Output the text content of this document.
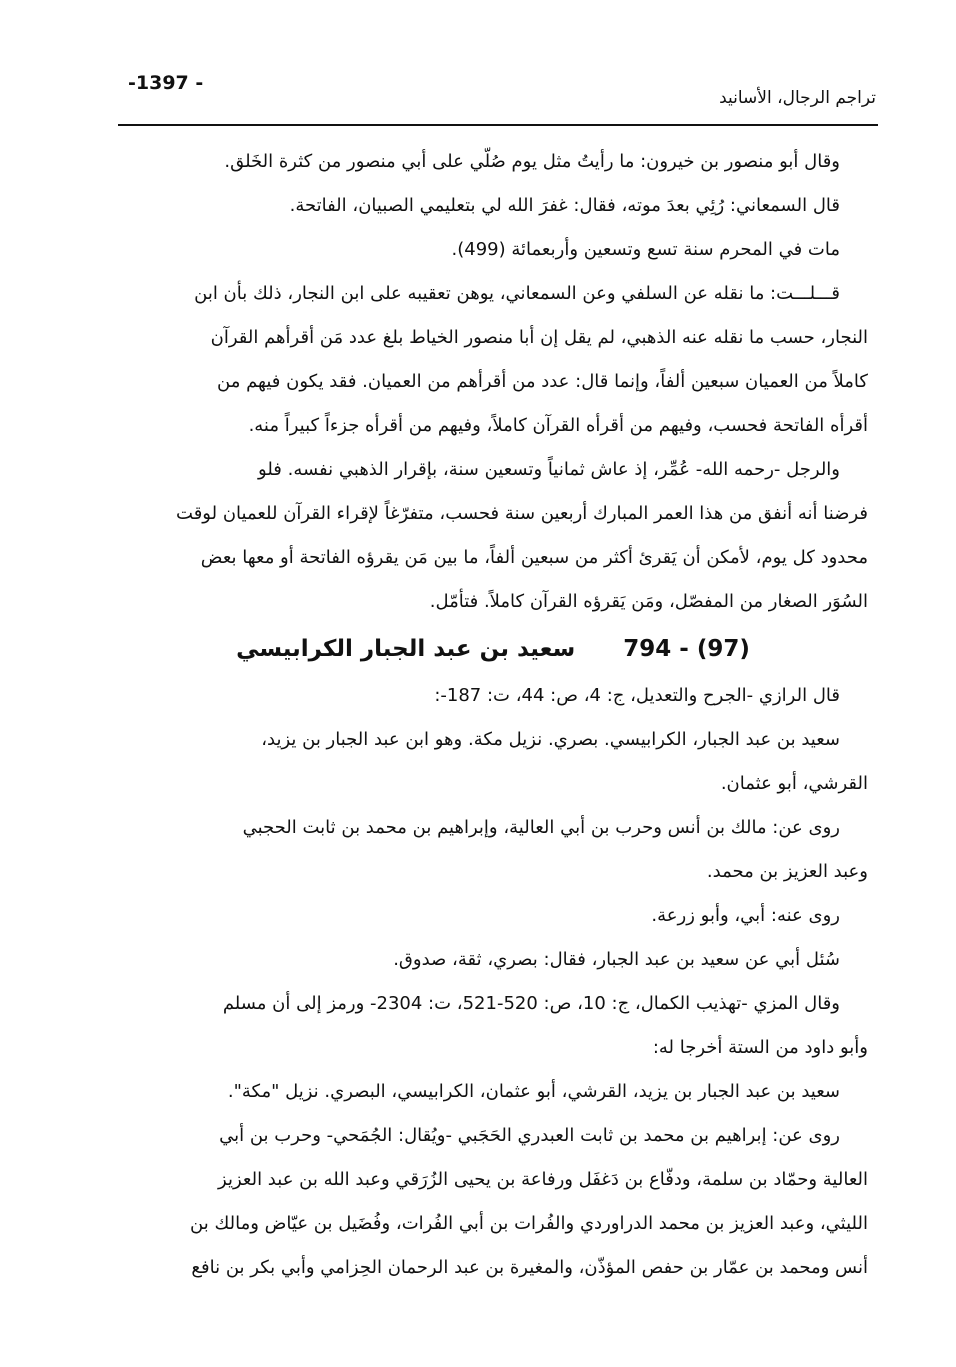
-1397 -
تراجم الرجال، الأسانيد
وقال أبو منصور بن خيرون: ما رأيتُ مثل يوم صُلّي على أبي منصور من كثرة الخَلق.
قال السمعاني: رُئِي بعدَ موته، فقال: غفرَ الله لي بتعليمي الصبيان، الفاتحة.
مات في المحرم سنة تسع وتسعين وأربعمائة (499).
قـــلـــت: ما نقله عن السلفي وعن السمعاني، يوهن تعقيبه على ابن النجار، ذلك بأن ابن
النجار، حسب ما نقله عنه الذهبي، لم يقل إن أبا منصور الخياط بلغ عدد مَن أقرأهم القرآن
كاملاً من العميان سبعين ألفاً، وإنما قال: عدد من أقرأهم من العميان. فقد يكون فيهم من
أقرأه الفاتحة فحسب، وفيهم من أقرأه القرآن كاملاً، وفيهم من أقرأه جزءاً كبيراً منه.
والرجل -رحمه الله- عُمِّر، إذ عاش ثمانياً وتسعين سنة، بإقرار الذهبي نفسه. فلو
فرضنا أنه أنفق من هذا العمر المبارك أربعين سنة فحسب، متفرّغاً لإقراء القرآن للعميان لوقت
محدود كل يوم، لأمكن أن يَقرئ أكثر من سبعين ألفاً، ما بين مَن يقرؤه الفاتحة أو معها بعض
السُوَر الصغار من المفصّل، ومَن يَقرؤه القرآن كاملاً. فتأمّل.
794 - (97) سعيد بن عبد الجبار الكرابيسي
قال الرازي -الجرح والتعديل، ج: 4، ص: 44، ت: 187-:
سعيد بن عبد الجبار، الكرابيسي. بصري. نزيل مكة. وهو ابن عبد الجبار بن يزيد،
القرشي، أبو عثمان.
روى عن: مالك بن أنس وحرب بن أبي العالية، وإبراهيم بن محمد بن ثابت الحجبي
وعبد العزيز بن محمد.
روى عنه: أبي، وأبو زرعة.
سُئل أبي عن سعيد بن عبد الجبار، فقال: بصري، ثقة، صدوق.
وقال المزي -تهذيب الكمال، ج: 10، ص: 520-521، ت: 2304- ورمز إلى أن مسلم
وأبو داود من الستة أخرجا له:
سعيد بن عبد الجبار بن يزيد، القرشي، أبو عثمان، الكرابيسي، البصري. نزيل "مكة".
روى عن: إبراهيم بن محمد بن ثابت العبدري الحَجَبي -ويُقال: الجُمَحي- وحرب بن أبي
العالية وحمّاد بن سلمة، ودفّاع بن دَغفَل ورفاعة بن يحيى الزُرَقي وعبد الله بن عبد العزيز
الليثي، وعبد العزيز بن محمد الدراوردي والفُرات بن أبي الفُرات، وفُضَيل بن عيّاض ومالك بن
أنس ومحمد بن عمّار بن حفص المؤذّن، والمغيرة بن عبد الرحمان الحِزامي وأبي بكر بن نافع
